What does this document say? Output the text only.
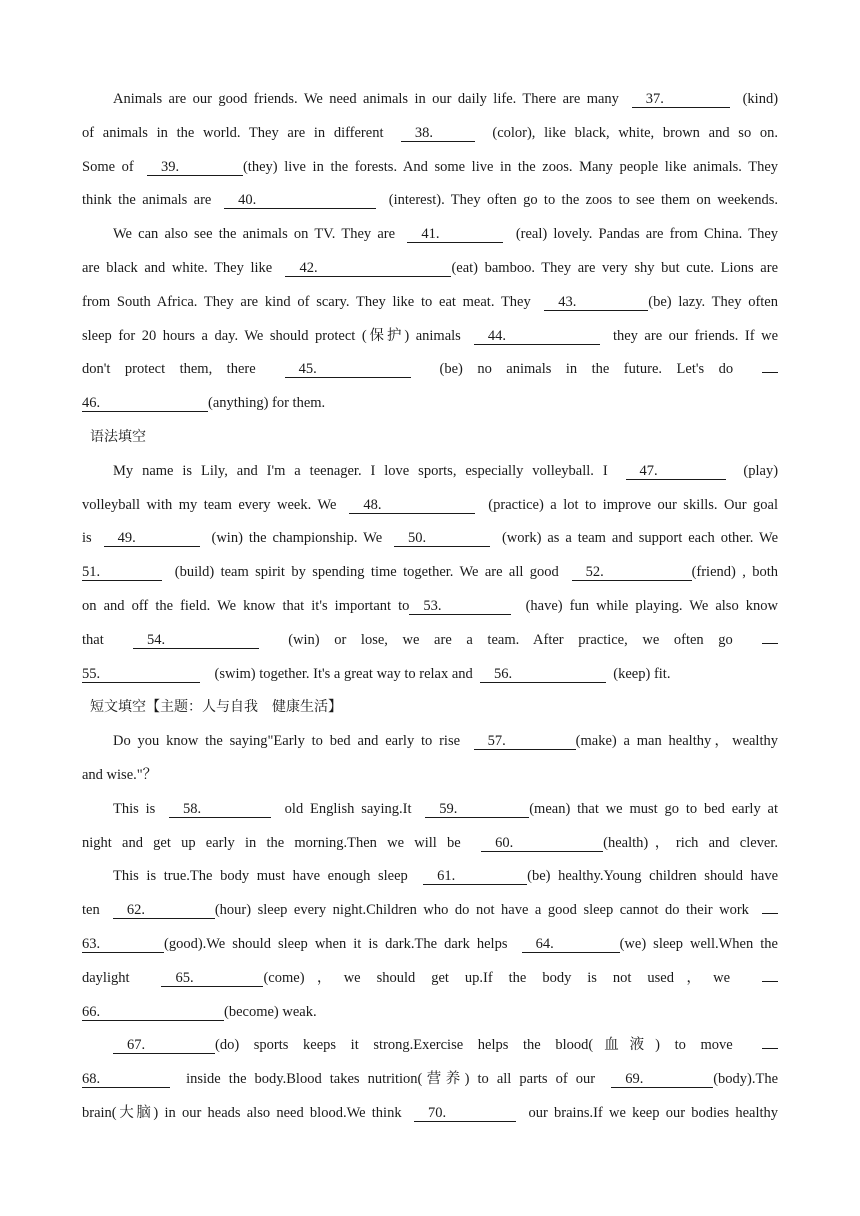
Animals are our good friends. We need animals in our daily life. There are many 37.	(kind)
of animals in the world. They are in different 38.	(color), like black, white, brown and so on.
Some of 39.	(they) live in the forests. And some live in the zoos. Many people like animals. They
think the animals are 40.	(interest). They often go to the zoos to see them on weekends.
We can also see the animals on TV. They are 41.	(real) lovely. Pandas are from China. They
are black and white. They like 42.	(eat) bamboo. They are very shy but cute. Lions are
from South Africa. They are kind of scary. They like to eat meat. They 43.	(be) lazy. They often
sleep for 20 hours a day. We should protect (保护) animals 44.	they are our friends. If we
don't protect them, there	45.	(be) no animals in the future. Let's do
46.	(anything) for them.
语法填空
My name is Lily, and I'm a teenager. I love sports, especially volleyball. I 47.	(play)
volleyball with my team every week. We 48.	(practice) a lot to improve our skills. Our goal
is 49.	(win) the championship. We 50.	(work) as a team and support each other. We
51.	(build) team spirit by spending time together. We are all good 52.	(friend) , both
on and off the field. We know that it's important to 53.	(have) fun while playing. We also know
that	54.	(win) or lose, we are a team. After practice, we often go
55.	(swim) together. It's a great way to relax and 56.	(keep) fit.
短文填空【主题：人与自我　健康生活】
Do you know the saying"Early to bed and early to rise 57.	(make) a man healthy，wealthy
and wise."？
This is 58.	old English saying.It 59.	(mean) that we must go to bed early at
night and get up early in the morning.Then we will be 60.	(health)，rich and clever.
This is true.The body must have enough sleep 61.	(be) healthy.Young children should have
ten 62.	(hour) sleep every night.Children who do not have a good sleep cannot do their work
63.	(good).We should sleep when it is dark.The dark helps 64.	(we) sleep well.When the
daylight	65.	(come)，we should get up.If the body is not used，we
66.	(become) weak.
67.	(do) sports keeps it strong.Exercise helps the blood(血液) to move
68.	inside the body.Blood takes nutrition(营养) to all parts of our 69.	(body).The
brain(大脑) in our heads also need blood.We think 70.	our brains.If we keep our bodies healthy
